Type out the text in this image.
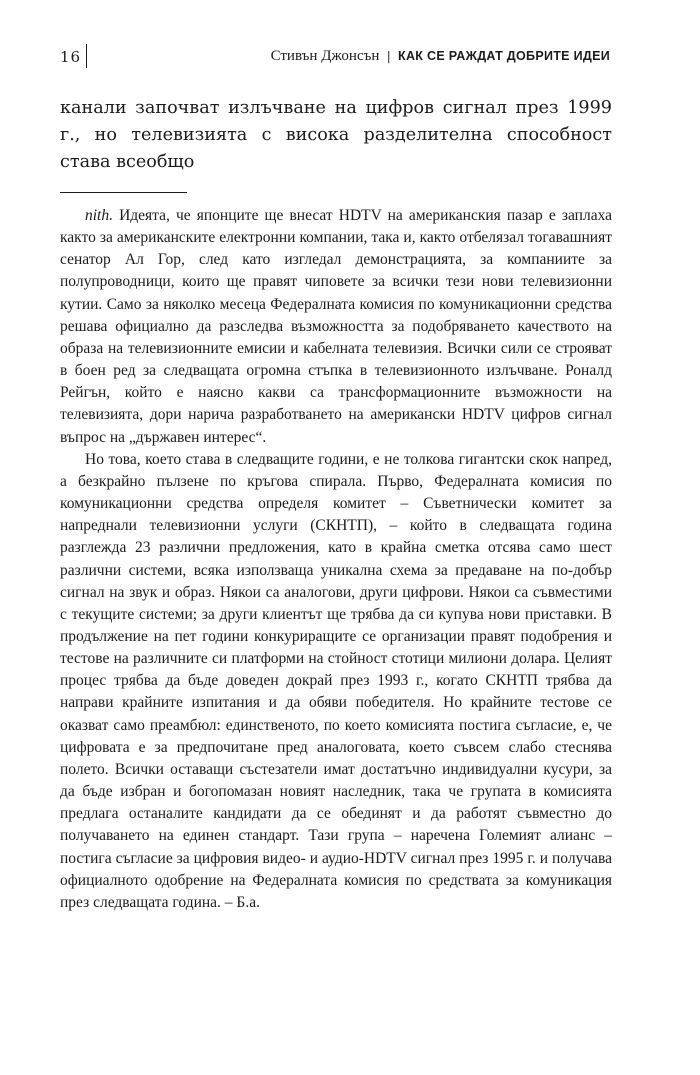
16	Стивън Джонсън | КАК СЕ РАЖДАТ ДОБРИТЕ ИДЕИ
канали започват излъчване на цифров сигнал през 1999 г., но телевизията с висока разделителна способност става всеобщо

nith. Идеята, че японците ще внесат HDTV на американския пазар е заплаха както за американските електронни компании, така и, както отбелязал тогавашният сенатор Ал Гор, след като изгледал демонстрацията, за компаниите за полупроводници, които ще правят чиповете за всички тези нови телевизионни кутии. Само за няколко месеца Федералната комисия по комуникационни средства решава официално да разследва възможността за подобряването качеството на образа на телевизионните емисии и кабелната телевизия. Всички сили се строяват в боен ред за следващата огромна стъпка в телевизионното излъчване. Роналд Рейгън, който е наясно какви са трансформационните възможности на телевизията, дори нарича разработването на американски HDTV цифров сигнал въпрос на „държавен интерес“.

Но това, което става в следващите години, е не толкова гигантски скок напред, а безкрайно пълзене по кръгова спирала. Първо, Федералната комисия по комуникационни средства определя комитет – Съветнически комитет за напреднали телевизионни услуги (СКНТП), – който в следващата година разглежда 23 различни предложения, като в крайна сметка отсява само шест различни системи, всяка използваща уникална схема за предаване на по-добър сигнал на звук и образ. Някои са аналогови, други цифрови. Някои са съвместими с текущите системи; за други клиентът ще трябва да си купува нови приставки. В продължение на пет години конкуриращите се организации правят подобрения и тестове на различните си платформи на стойност стотици милиони долара. Целият процес трябва да бъде доведен докрай през 1993 г., когато СКНТП трябва да направи крайните изпитания и да обяви победителя. Но крайните тестове се оказват само преамбюл: единственото, по което комисията постига съгласие, е, че цифровата е за предпочитане пред аналоговата, което съвсем слабо стеснява полето. Всички оставащи състезатели имат достатъчно индивидуални кусури, за да бъде избран и богопомазан новият наследник, така че групата в комисията предлага останалите кандидати да се обединят и да работят съвместно до получаването на единен стандарт. Тази група – наречена Големият алианс – постига съгласие за цифровия видео- и аудио-HDTV сигнал през 1995 г. и получава официалното одобрение на Федералната комисия по средствата за комуникация през следващата година. – Б.а.
